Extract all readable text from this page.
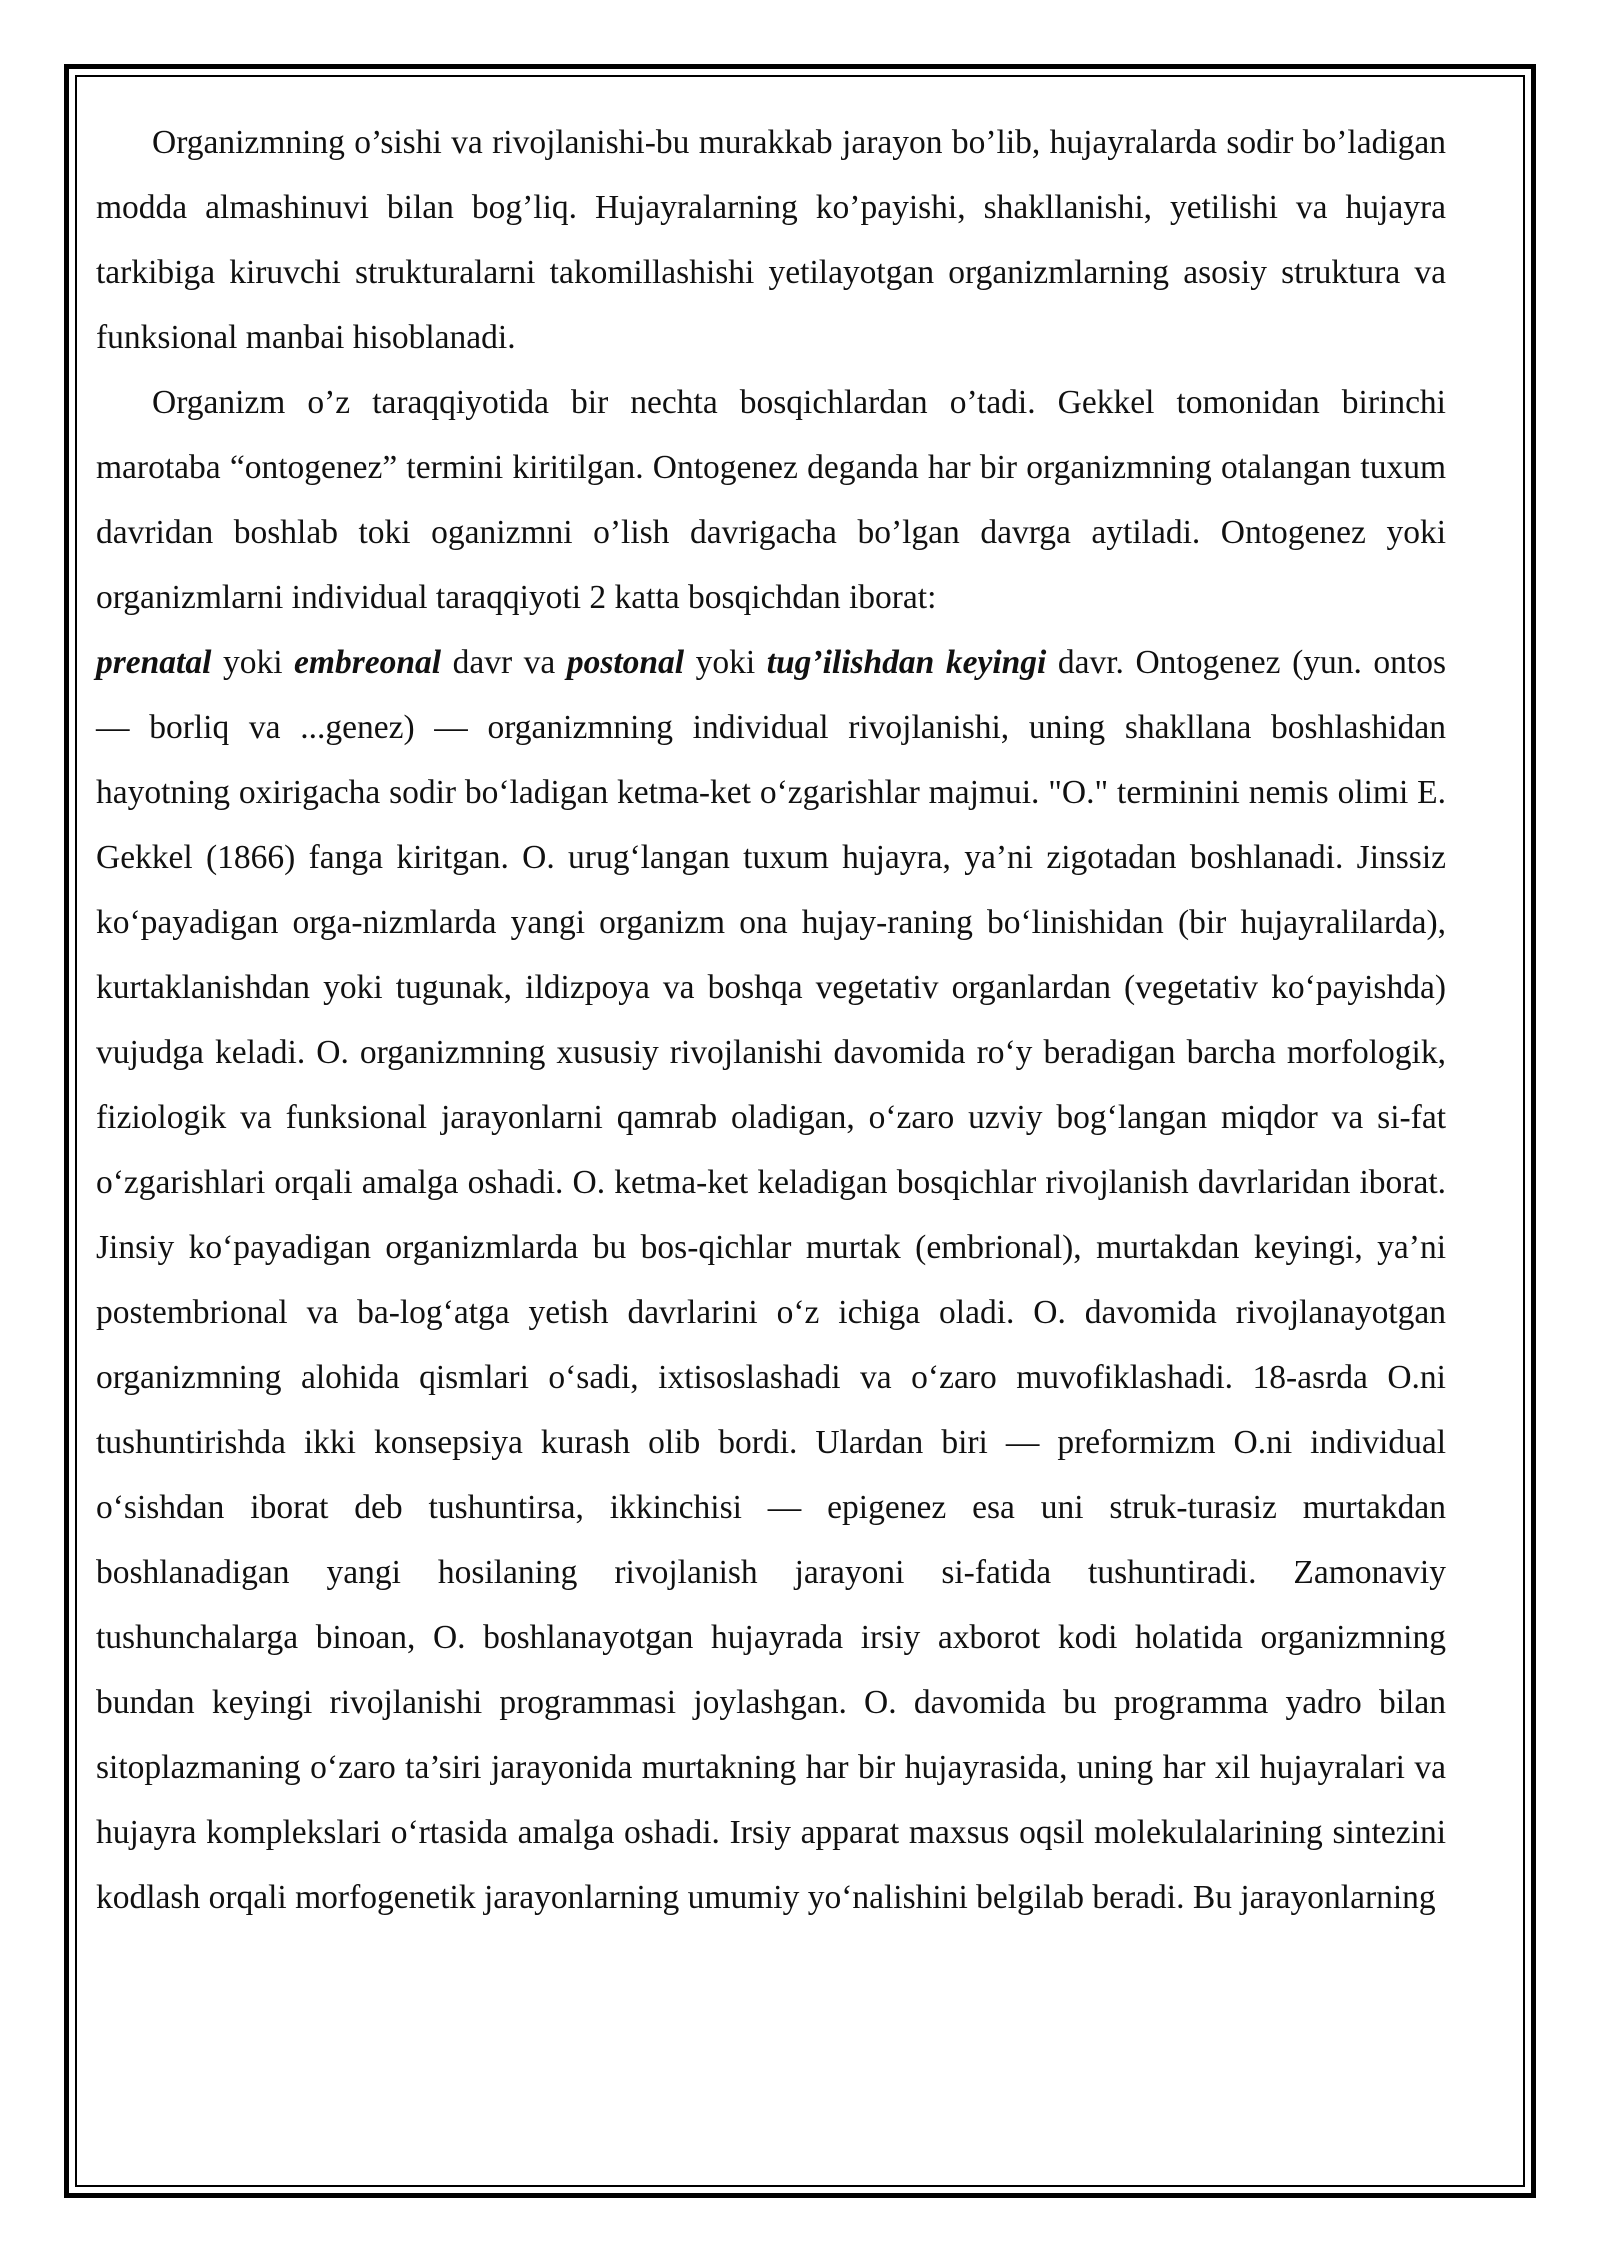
Organizmning o’sishi va rivojlanishi-bu murakkab jarayon bo’lib, hujayralarda sodir bo’ladigan modda almashinuvi bilan bog’liq. Hujayralarning ko’payishi, shakllanishi, yetilishi va hujayra tarkibiga kiruvchi strukturalarni takomillashishi yetilayotgan organizmlarning asosiy struktura va funksional manbai hisoblanadi.

Organizm o’z taraqqiyotida bir nechta bosqichlardan o’tadi. Gekkel tomonidan birinchi marotaba “ontogenez” termini kiritilgan. Ontogenez deganda har bir organizmning otalangan tuxum davridan boshlab toki oganizmni o’lish davrigacha bo’lgan davrga aytiladi. Ontogenez yoki organizmlarni individual taraqqiyoti 2 katta bosqichdan iborat:
prenatal yoki embreonal davr va postonal yoki tug’ilishdan keyingi davr. Ontogenez (yun. ontos — borliq va ...genez) — organizmning individual rivojlanishi, uning shakllana boshlashidan hayotning oxirigacha sodir boʻladigan ketma-ket oʻzgarishlar majmui. "O." terminini nemis olimi E. Gekkel (1866) fanga kiritgan. O. urugʻlangan tuxum hujayra, ya’ni zigotadan boshlanadi. Jinssiz koʻpayadigan orga-nizmlarda yangi organizm ona hujay-raning boʻlinishidan (bir hujayralilarda), kurtaklanishdan yoki tugunak, ildizpoya va boshqa vegetativ organlardan (vegetativ koʻpayishda) vujudga keladi. O. organizmning xususiy rivojlanishi davomida roʻy beradigan barcha morfologik, fiziologik va funksional jarayonlarni qamrab oladigan, oʻzaro uzviy bogʻlangan miqdor va si-fat oʻzgarishlari orqali amalga oshadi. O. ketma-ket keladigan bosqichlar rivojlanish davrlaridan iborat. Jinsiy koʻpayadigan organizmlarda bu bos-qichlar murtak (embrional), murtakdan keyingi, ya’ni postembrional va ba-logʻatga yetish davrlarini oʻz ichiga oladi. O. davomida rivojlanayotgan organizmning alohida qismlari oʻsadi, ixtisoslashadi va oʻzaro muvofiklashadi. 18-asrda O.ni tushuntirishda ikki konsepsiya kurash olib bordi. Ulardan biri — preformizm O.ni individual oʻsishdan iborat deb tushuntirsa, ikkinchisi — epigenez esa uni struk-turasiz murtakdan boshlanadigan yangi hosilaning rivojlanish jarayoni si-fatida tushuntiradi. Zamonaviy tushunchalarga binoan, O. boshlanayotgan hujayrada irsiy axborot kodi holatida organizmning bundan keyingi rivojlanishi programmasi joylashgan. O. davomida bu programma yadro bilan sitoplazmaning oʻzaro ta’siri jarayonida murtakning har bir hujayrasida, uning har xil hujayralari va hujayra komplekslari oʻrtasida amalga oshadi. Irsiy apparat maxsus oqsil molekulalarining sintezini kodlash orqali morfogenetik jarayonlarning umumiy yoʻnalishini belgilab beradi. Bu jarayonlarning
